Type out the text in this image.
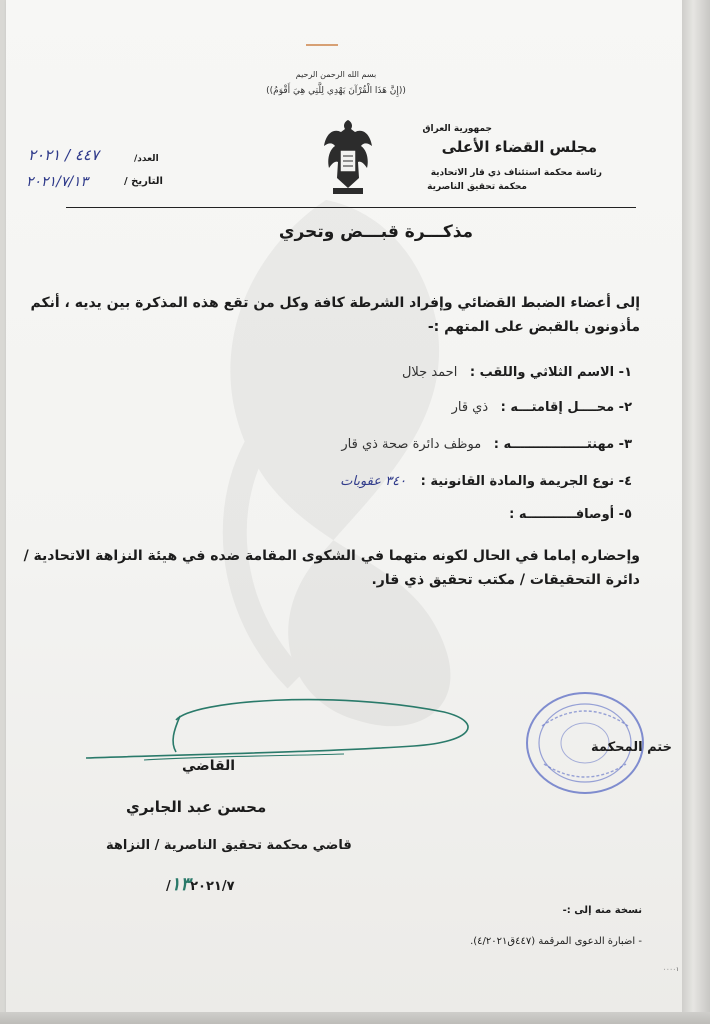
بسم الله الرحمن الرحيم
((إِنَّ هَذَا الْقُرْآنَ يَهْدِي لِلَّتِي هِيَ أَقْوَمُ))
جمهورية العراق
مجلس القضاء الأعلى
رئاسة محكمة استئناف ذي قار الاتحادية
محكمة تحقيق الناصرية
العدد/
٤٤٧ / ٢٠٢١
التاريخ /
٢٠٢١/٧/١٣
مذكـــرة قبـــض وتحري
إلى أعضاء الضبط القضائي وإفراد الشرطة كافة وكل من تقع هذه المذكرة بين يديه ، أنكم مأذونون بالقبض على المتهم :-
١- الاسم الثلاثي واللقب : احمد جلال
٢- محــــل إقامتـــه : ذي قار
٣- مهنتـــــــــــــــــه : موظف دائرة صحة ذي قار
٤- نوع الجريمة والمادة القانونية : ٣٤٠ عقوبات
٥- أوصافـــــــــــه :
وإحضاره إماما في الحال لكونه متهما في الشكوى المقامة ضده في هيئة النزاهة الاتحادية / دائرة التحقيقات / مكتب تحقيق ذي قار.
ختم المحكمة
القاضي
محسن عبد الجابري
قاضي محكمة تحقيق الناصرية / النزاهة
١٣٢٠٢١/٧/
نسخة منه إلى :-
- اضبارة الدعوى المرقمة (٤٤٧ق٤/٢٠٢١).
٠٠٠٠١
